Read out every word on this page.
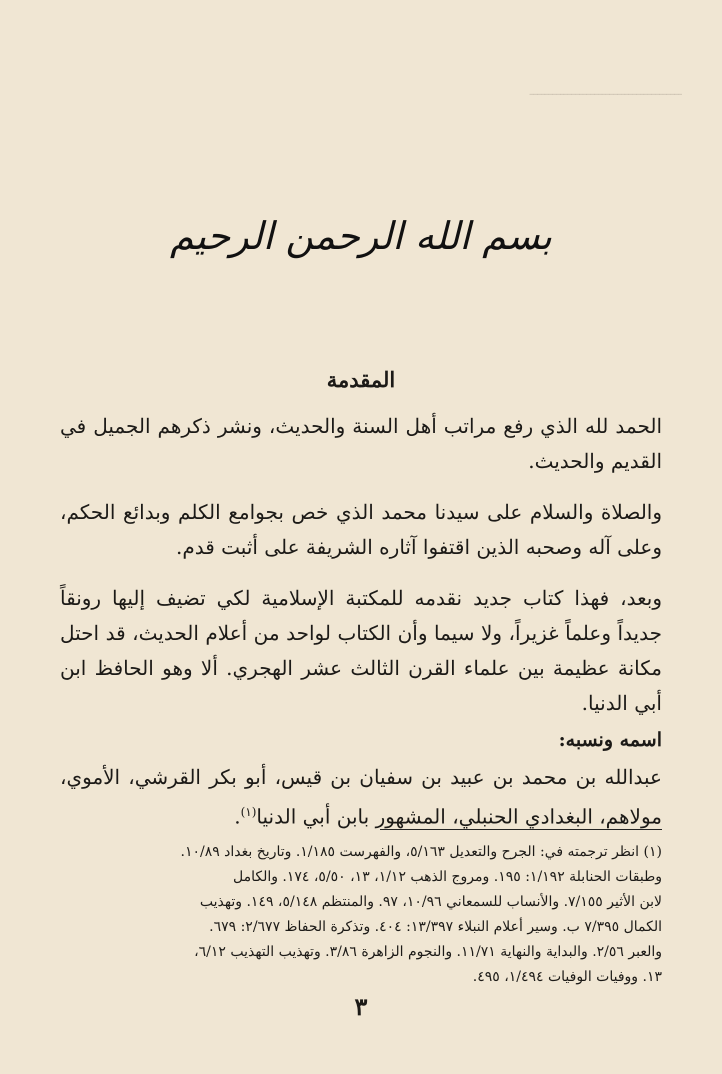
ــــــــــــــــــــــــــــــــــــــــ
بسم الله الرحمن الرحيم
المقدمة

الحمد لله الذي رفع مراتب أهل السنة والحديث، ونشر ذكرهم الجميل في القديم والحديث.

والصلاة والسلام على سيدنا محمد الذي خص بجوامع الكلم وبدائع الحكم، وعلى آله وصحبه الذين اقتفوا آثاره الشريفة على أثبت قدم.

وبعد، فهذا كتاب جديد نقدمه للمكتبة الإسلامية لكي تضيف إليها رونقاً جديداً وعلماً غزيراً، ولا سيما وأن الكتاب لواحد من أعلام الحديث، قد احتل مكانة عظيمة بين علماء القرن الثالث عشر الهجري. ألا وهو الحافظ ابن أبي الدنيا.

اسمه ونسبه:

عبدالله بن محمد بن عبيد بن سفيان بن قيس، أبو بكر القرشي، الأموي، مولاهم، البغدادي الحنبلي، المشهور بابن أبي الدنيا$^{(١)}$.

(١) انظر ترجمته في: الجرح والتعديل ٥/١٦٣، والفهرست ١/١٨٥. وتاريخ بغداد ١٠/٨٩.
وطبقات الحنابلة ١/١٩٢: ١٩٥. ومروج الذهب ١/١٢، ١٣، ٥/٥٠، ١٧٤. والكامل
لابن الأثير ٧/١٥٥. والأنساب للسمعاني ١٠/٩٦، ٩٧. والمنتظم ٥/١٤٨، ١٤٩. وتهذيب
الكمال ٧/٣٩٥ ب. وسير أعلام النبلاء ١٣/٣٩٧: ٤٠٤. وتذكرة الحفاظ ٢/٦٧٧: ٦٧٩.
والعبر ٢/٥٦. والبداية والنهاية ١١/٧١. والنجوم الزاهرة ٣/٨٦. وتهذيب التهذيب ٦/١٢،
١٣. ووفيات الوفيات ١/٤٩٤، ٤٩٥.
٣
